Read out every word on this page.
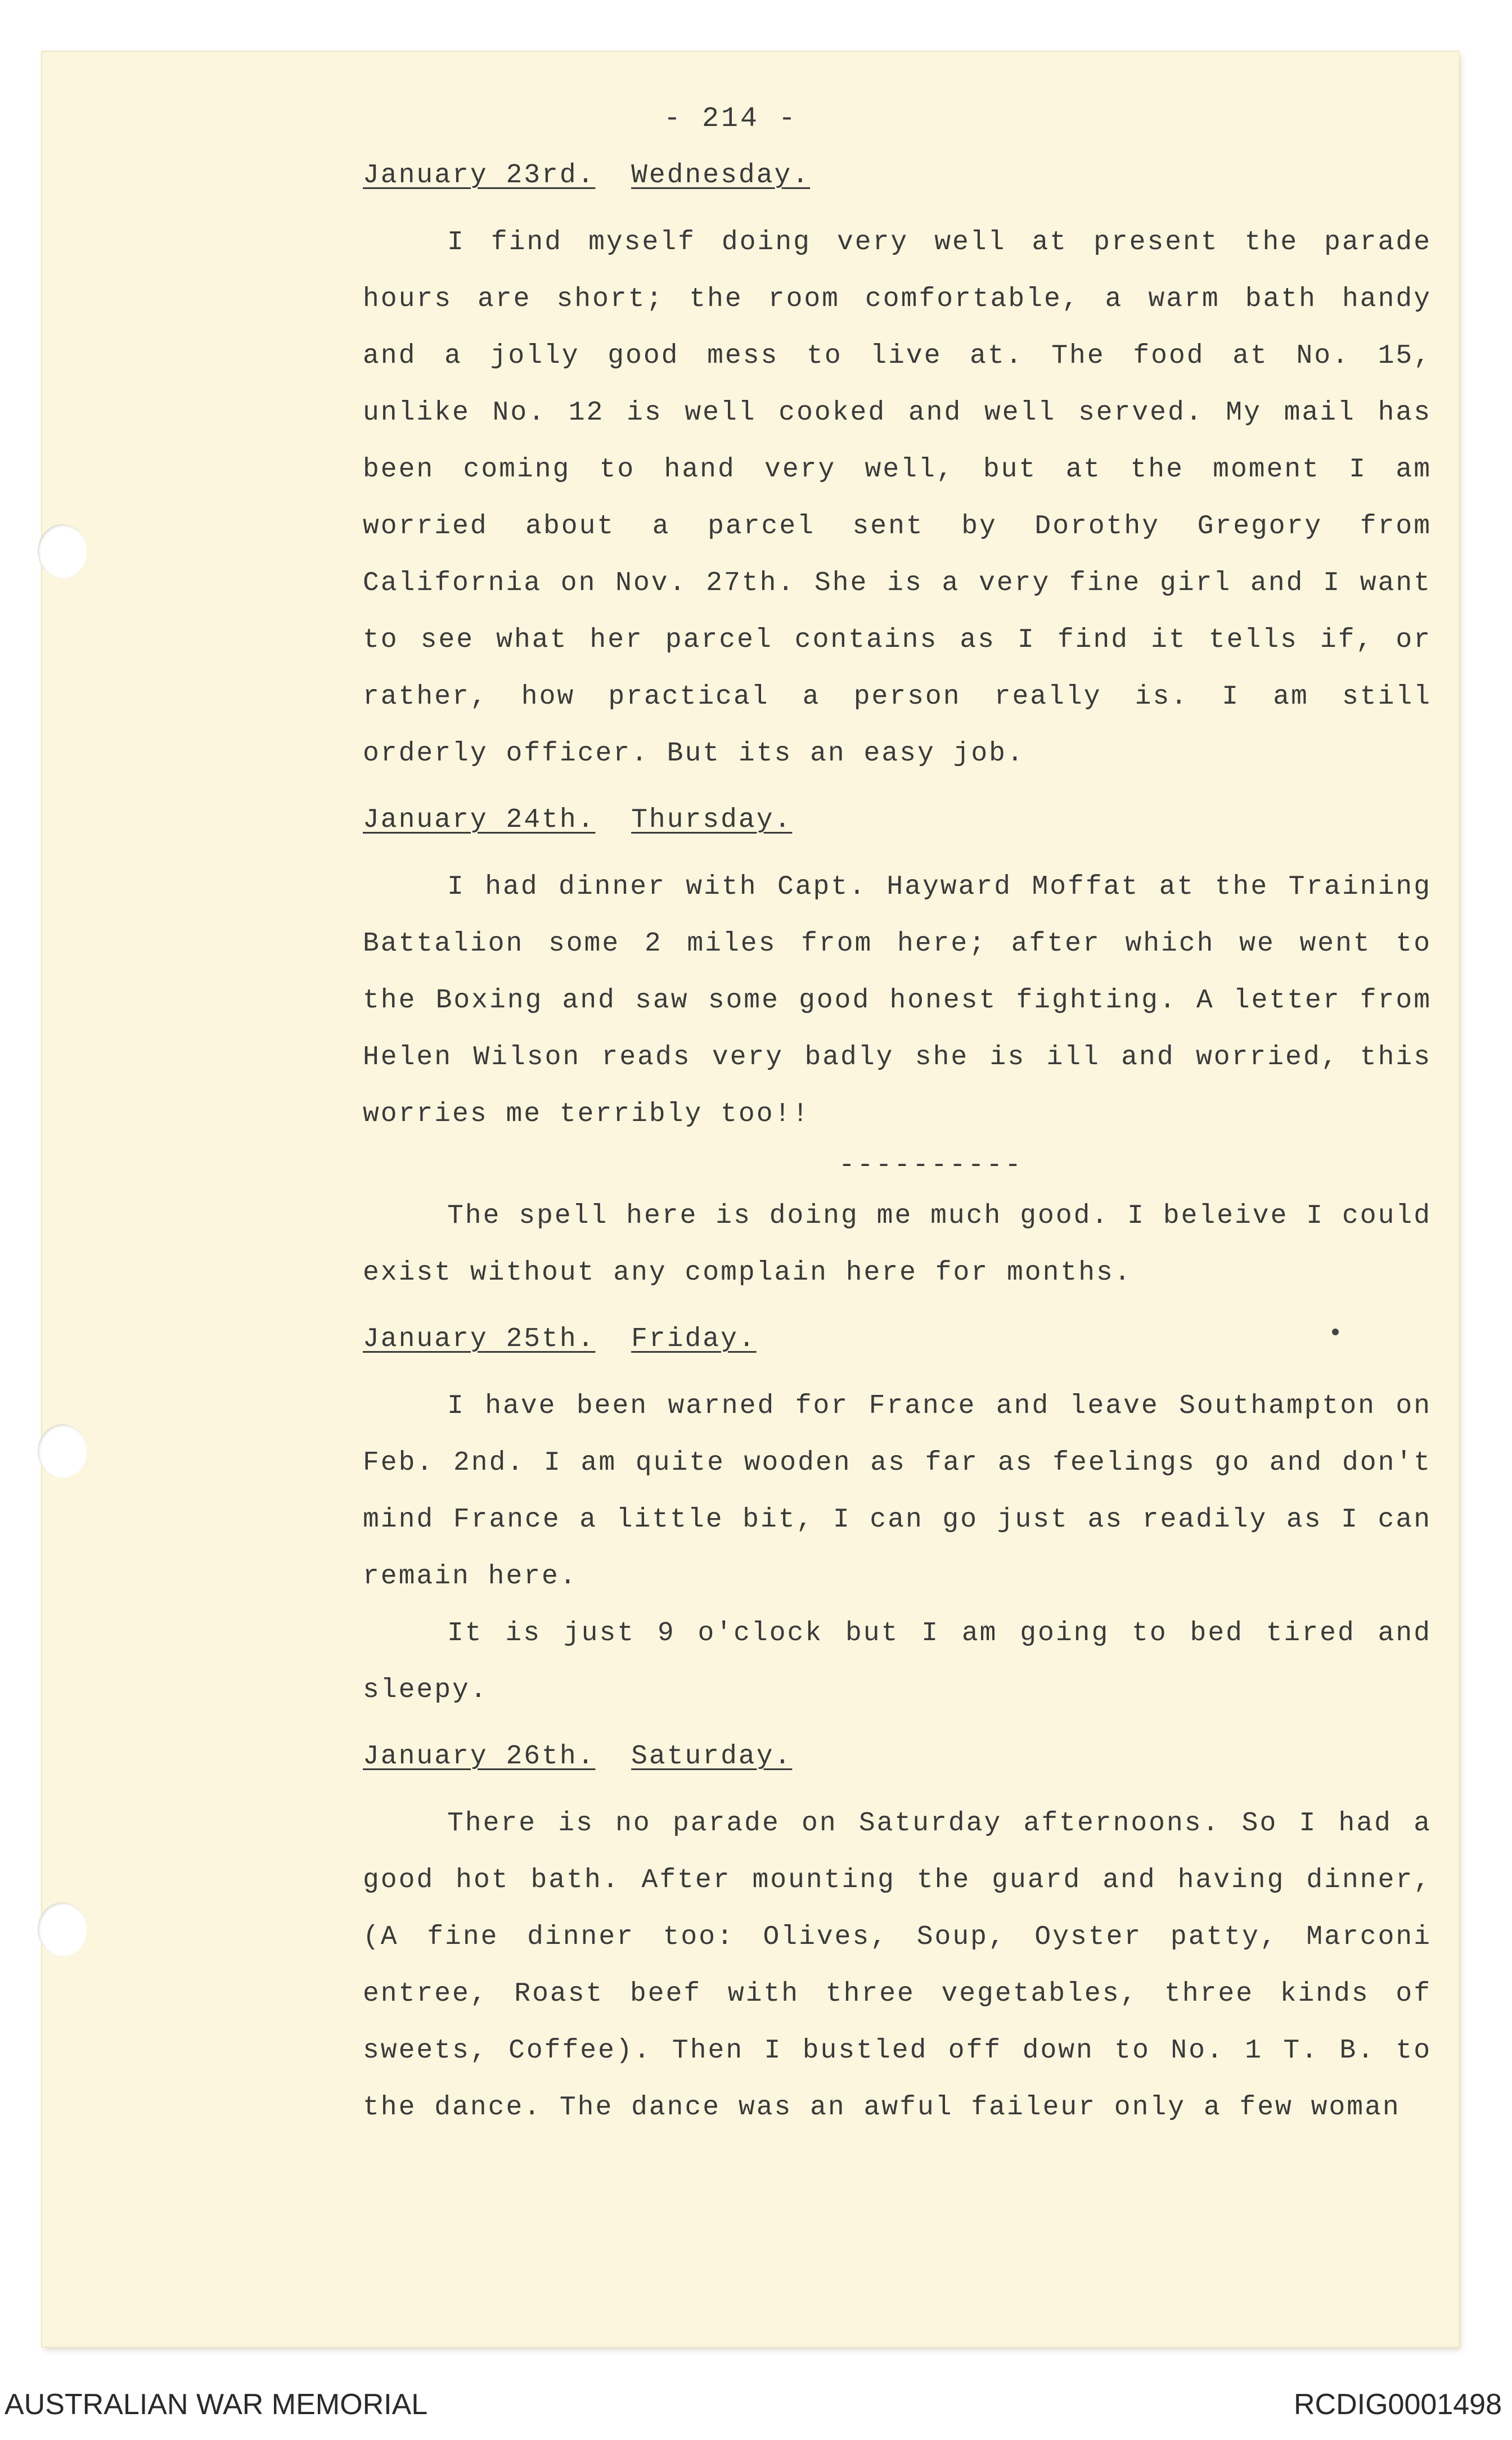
- 214 -
January 23rd.
Wednesday.

I find myself doing very well at present the parade hours are short; the room comfortable, a warm bath handy and a jolly good mess to live at. The food at No. 15, unlike No. 12 is well cooked and well served. My mail has been coming to hand very well, but at the moment I am worried about a parcel sent by Dorothy Gregory from California on Nov. 27th. She is a very fine girl and I want to see what her parcel contains as I find it tells if, or rather, how practical a person really is. I am still orderly officer. But its an easy job.

January 24th.
Thursday.

I had dinner with Capt. Hayward Moffat at the Training Battalion some 2 miles from here; after which we went to the Boxing and saw some good honest fighting. A letter from Helen Wilson reads very badly she is ill and worried, this worries me terribly too!!

----------

The spell here is doing me much good. I beleive I could exist without any complain here for months.

January 25th.
Friday.

I have been warned for France and leave Southampton on Feb. 2nd. I am quite wooden as far as feelings go and don't mind France a little bit, I can go just as readily as I can remain here.

It is just 9 o'clock but I am going to bed tired and sleepy.

January 26th.
Saturday.

There is no parade on Saturday afternoons. So I had a good hot bath. After mounting the guard and having dinner, (A fine dinner too: Olives, Soup, Oyster patty, Marconi entree, Roast beef with three vegetables, three kinds of sweets, Coffee). Then I bustled off down to No. 1 T. B. to the dance. The dance was an awful faileur only a few woman

AUSTRALIAN WAR MEMORIAL	RCDIG0001498
